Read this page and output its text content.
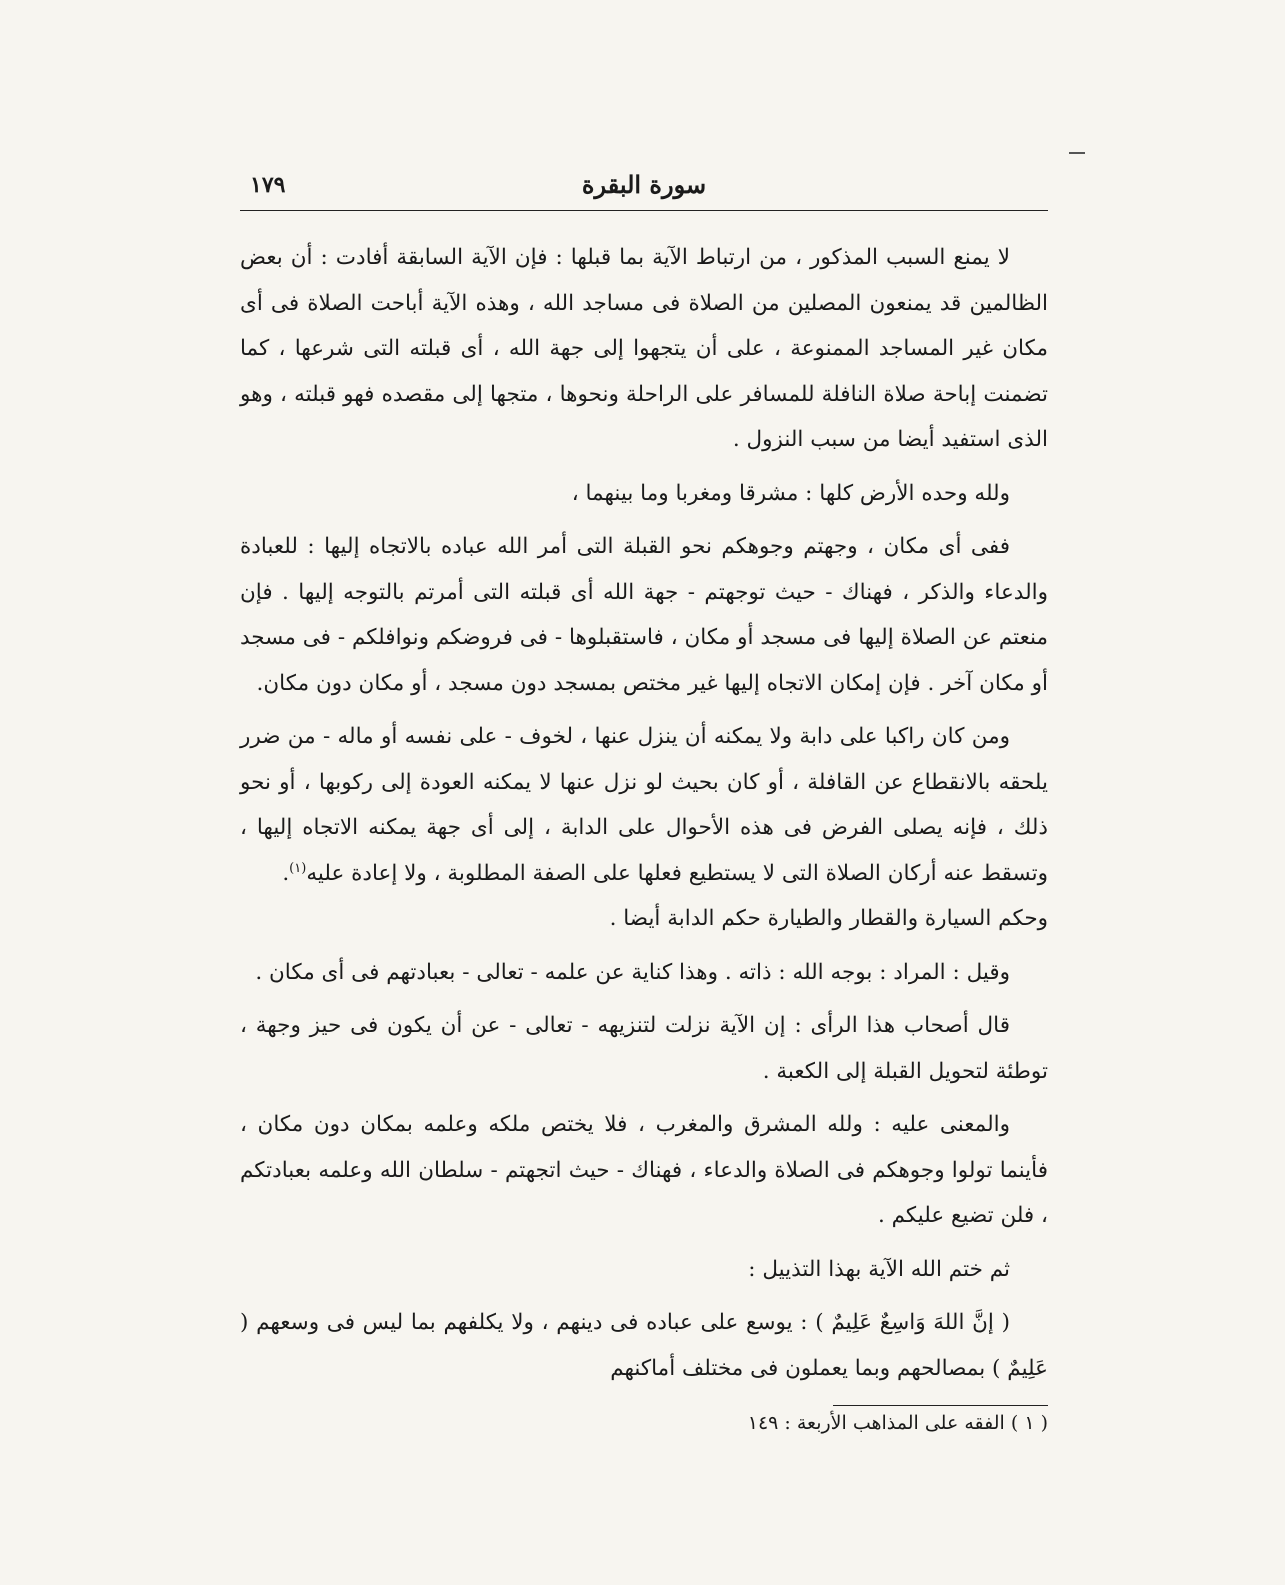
سورة البقرة
١٧٩

لا يمنع السبب المذكور ، من ارتباط الآية بما قبلها : فإن الآية السابقة أفادت : أن بعض الظالمين قد يمنعون المصلين من الصلاة فى مساجد الله ، وهذه الآية أباحت الصلاة فى أى مكان غير المساجد الممنوعة ، على أن يتجهوا إلى جهة الله ، أى قبلته التى شرعها ، كما تضمنت إباحة صلاة النافلة للمسافر على الراحلة ونحوها ، متجها إلى مقصده فهو قبلته ، وهو الذى استفيد أيضا من سبب النزول .

ولله وحده الأرض كلها : مشرقا ومغربا وما بينهما ،

ففى أى مكان ، وجهتم وجوهكم نحو القبلة التى أمر الله عباده بالاتجاه إليها : للعبادة والدعاء والذكر ، فهناك - حيث توجهتم - جهة الله أى قبلته التى أمرتم بالتوجه إليها . فإن منعتم عن الصلاة إليها فى مسجد أو مكان ، فاستقبلوها - فى فروضكم ونوافلكم - فى مسجد أو مكان آخر . فإن إمكان الاتجاه إليها غير مختص بمسجد دون مسجد ، أو مكان دون مكان.

ومن كان راكبا على دابة ولا يمكنه أن ينزل عنها ، لخوف - على نفسه أو ماله - من ضرر يلحقه بالانقطاع عن القافلة ، أو كان بحيث لو نزل عنها لا يمكنه العودة إلى ركوبها ، أو نحو ذلك ، فإنه يصلى الفرض فى هذه الأحوال على الدابة ، إلى أى جهة يمكنه الاتجاه إليها ، وتسقط عنه أركان الصلاة التى لا يستطيع فعلها على الصفة المطلوبة ، ولا إعادة عليه$^{(١)}$.
وحكم السيارة والقطار والطيارة حكم الدابة أيضا .

وقيل : المراد : بوجه الله : ذاته . وهذا كناية عن علمه - تعالى - بعبادتهم فى أى مكان .

قال أصحاب هذا الرأى : إن الآية نزلت لتنزيهه - تعالى - عن أن يكون فى حيز وجهة ، توطئة لتحويل القبلة إلى الكعبة .

والمعنى عليه : ولله المشرق والمغرب ، فلا يختص ملكه وعلمه بمكان دون مكان ، فأينما تولوا وجوهكم فى الصلاة والدعاء ، فهناك - حيث اتجهتم - سلطان الله وعلمه بعبادتكم ، فلن تضيع عليكم .

ثم ختم الله الآية بهذا التذييل :

( إنَّ اللهَ وَاسِعٌ عَلِيمٌ ) : يوسع على عباده فى دينهم ، ولا يكلفهم بما ليس فى وسعهم ( عَلِيمٌ ) بمصالحهم وبما يعملون فى مختلف أماكنهم

( ١ ) الفقه على المذاهب الأربعة : ١٤٩
